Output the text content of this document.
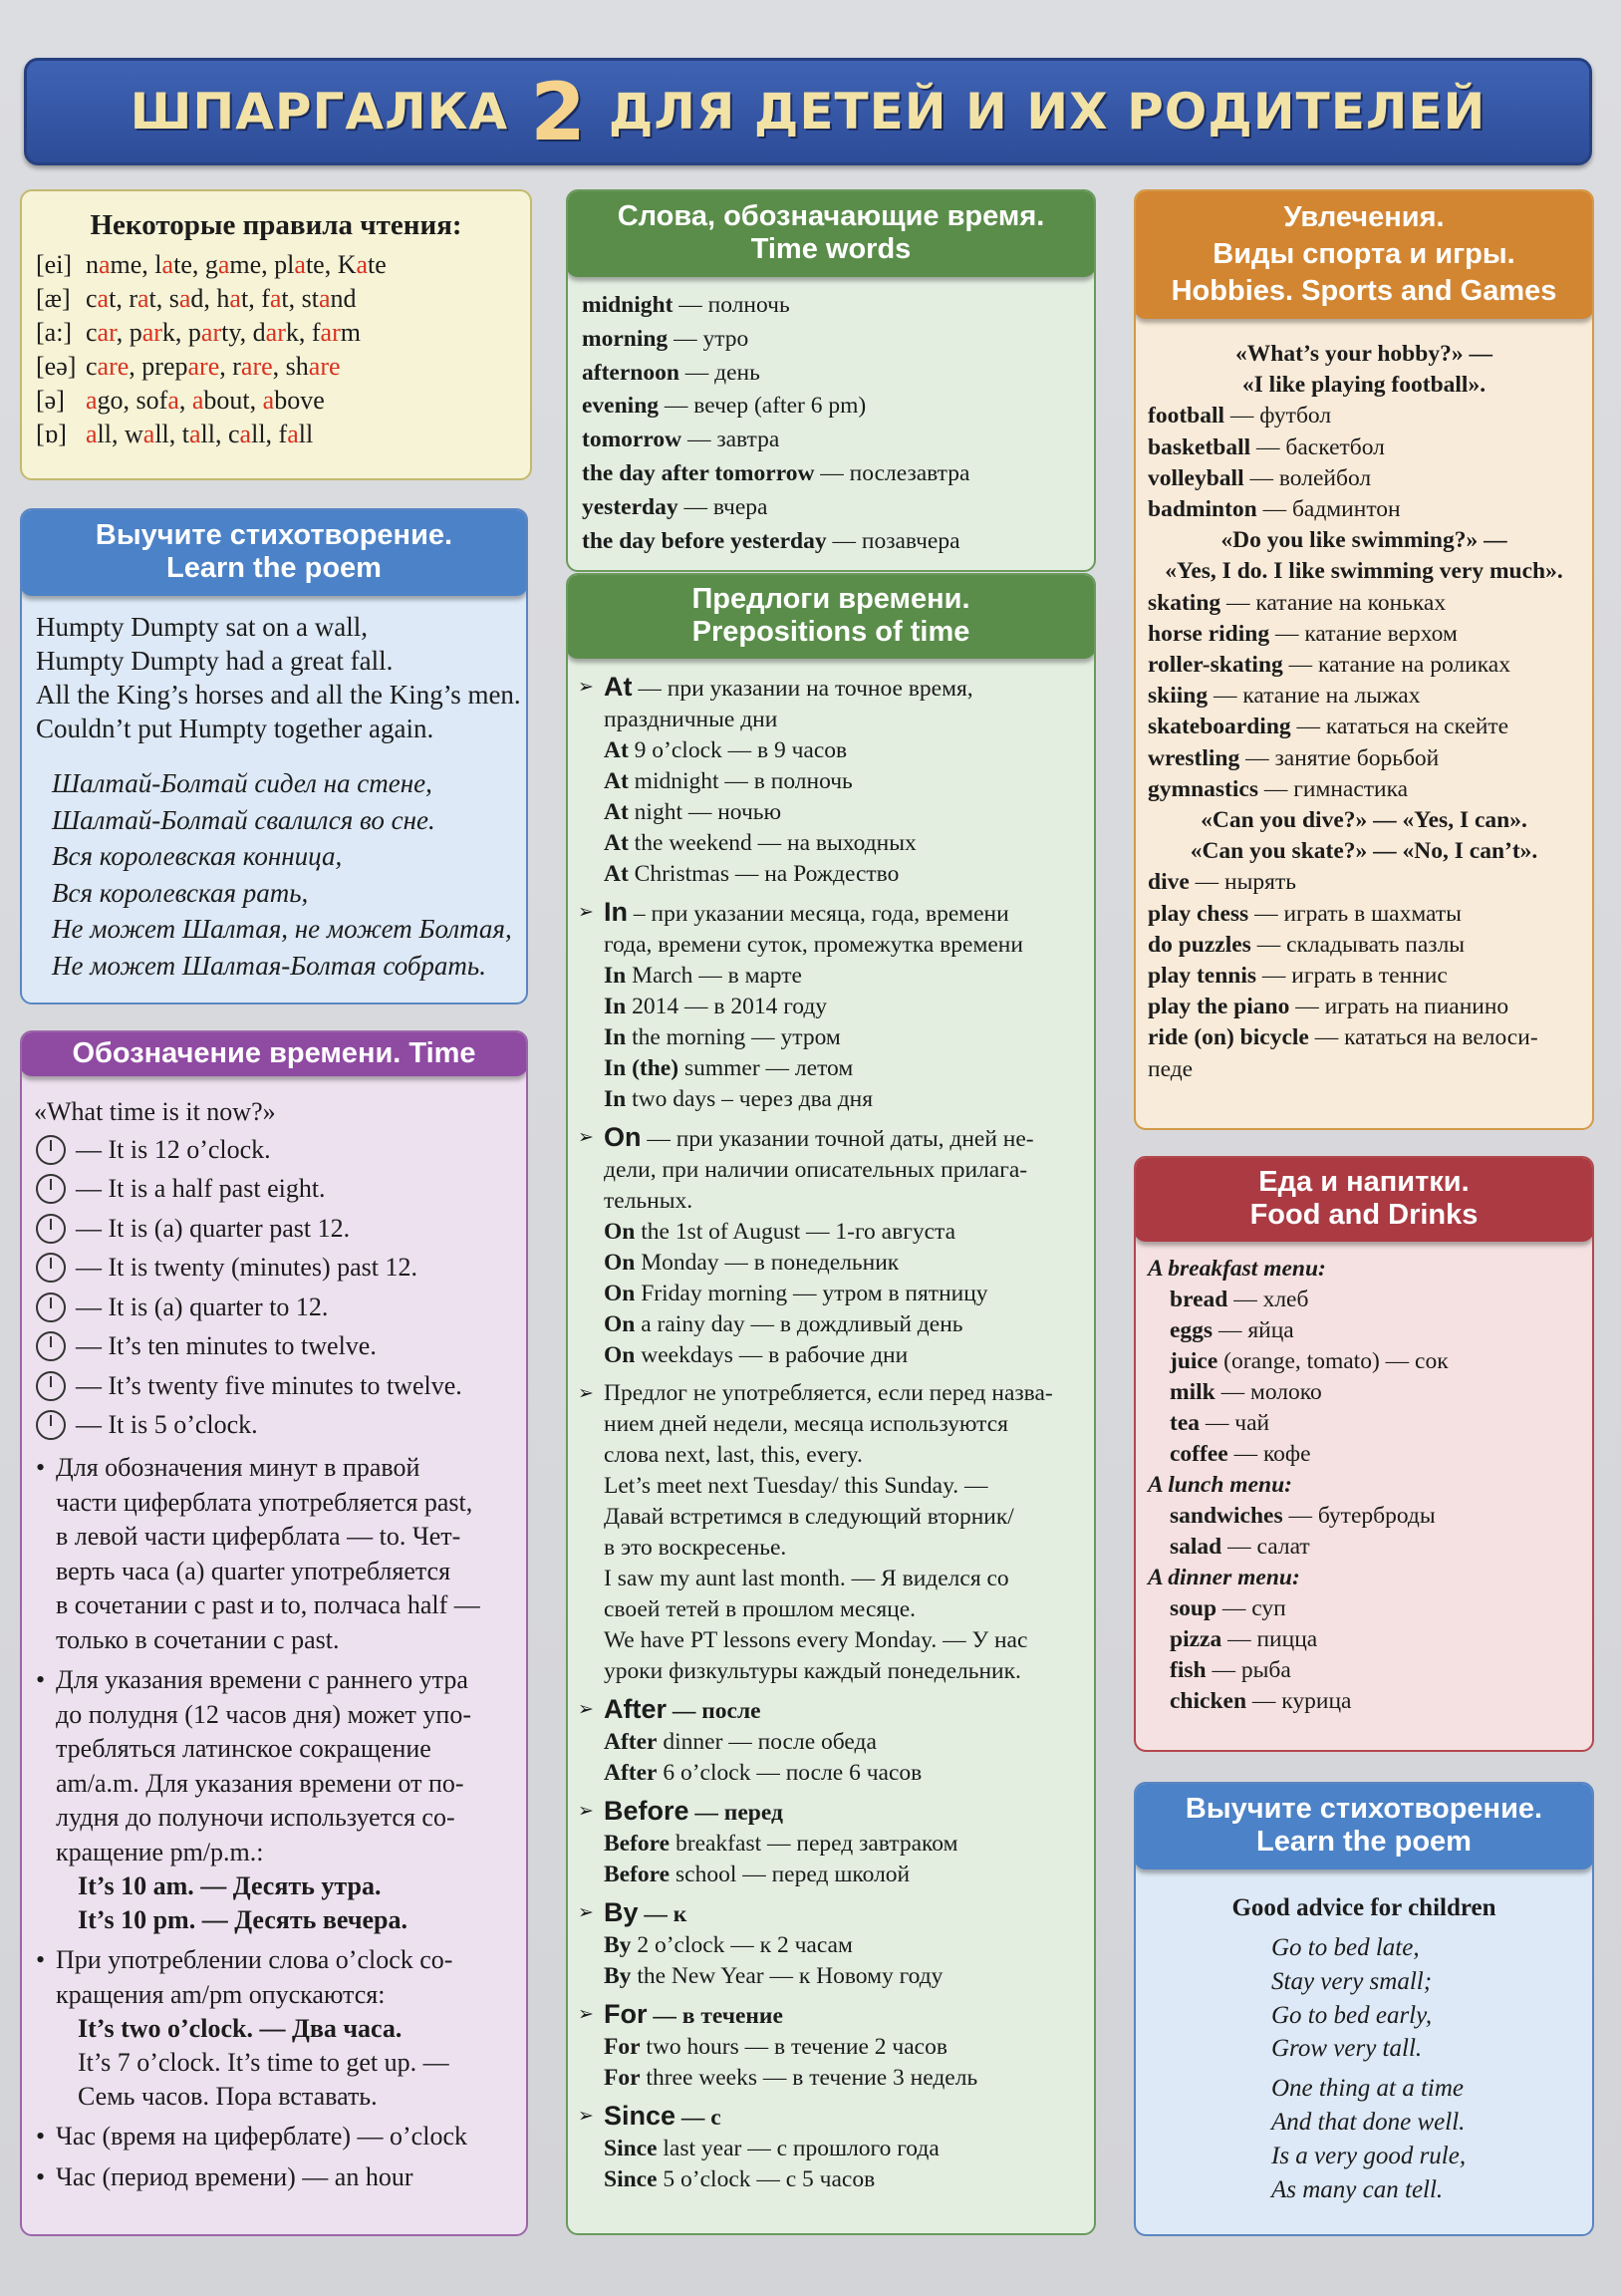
ШПАРГАЛКА 2 ДЛЯ ДЕТЕЙ И ИХ РОДИТЕЛЕЙ
Некоторые правила чтения:
[ei] name, late, game, plate, Kate
[æ] cat, rat, sad, hat, fat, stand
[a:] car, park, party, dark, farm
[eə] care, prepare, rare, share
[ə] ago, sofa, about, above
[ɒ] all, wall, tall, call, fall
Выучите стихотворение.
Learn the poem
Humpty Dumpty sat on a wall,
Humpty Dumpty had a great fall.
All the King’s horses and all the King’s men.
Couldn’t put Humpty together again.
Шалтай-Болтай сидел на стене,
Шалтай-Болтай свалился во сне.
Вся королевская конница,
Вся королевская рать,
Не может Шалтая, не может Болтая,
Не может Шалтая-Болтая собрать.
Обозначение времени. Time
«What time is it now?»
— It is 12 o’clock.
— It is a half past eight.
— It is (a) quarter past 12.
— It is twenty (minutes) past 12.
— It is (a) quarter to 12.
— It’s ten minutes to twelve.
— It’s twenty five minutes to twelve.
— It is 5 o’clock.
• Для обозначения минут в правой
части циферблата употребляется past,
в левой части циферблата — to. Чет-
верть часа (a) quarter употребляется
в сочетании с past и to, полчаса half —
только в сочетании с past.
• Для указания времени с раннего утра
до полудня (12 часов дня) может упо-
требляться латинское сокращение
am/a.m. Для указания времени от по-
лудня до полуночи используется со-
кращение pm/p.m.:
It’s 10 am. — Десять утра.
It’s 10 pm. — Десять вечера.
• При употреблении слова o’clock со-
кращения am/pm опускаются:
It’s two o’clock. — Два часа.
It’s 7 o’clock. It’s time to get up. —
Семь часов. Пора вставать.
• Час (время на циферблате) — o’clock
• Час (период времени) — an hour
Слова, обозначающие время.
Time words
midnight — полночь
morning — утро
afternoon — день
evening — вечер (after 6 pm)
tomorrow — завтра
the day after tomorrow — послезавтра
yesterday — вчера
the day before yesterday — позавчера
Предлоги времени.
Prepositions of time
➢ At — при указании на точное время,
праздничные дни
At 9 o’clock — в 9 часов
At midnight — в полночь
At night — ночью
At the weekend — на выходных
At Christmas — на Рождество
➢ In – при указании месяца, года, времени
года, времени суток, промежутка времени
In March — в марте
In 2014 — в 2014 году
In the morning — утром
In (the) summer — летом
In two days – через два дня
➢ On — при указании точной даты, дней не-
дели, при наличии описательных прилага-
тельных.
On the 1st of August — 1-го августа
On Monday — в понедельник
On Friday morning — утром в пятницу
On a rainy day — в дождливый день
On weekdays — в рабочие дни
➢ Предлог не употребляется, если перед назва-
нием дней недели, месяца используются
слова next, last, this, every.
Let’s meet next Tuesday/ this Sunday. —
Давай встретимся в следующий вторник/
в это воскресенье.
I saw my aunt last month. — Я виделся со
своей тетей в прошлом месяце.
We have PT lessons every Monday. — У нас
уроки физкультуры каждый понедельник.
➢ After — после
After dinner — после обеда
After 6 o’clock — после 6 часов
➢ Before — перед
Before breakfast — перед завтраком
Before school — перед школой
➢ By — к
By 2 o’clock — к 2 часам
By the New Year — к Новому году
➢ For — в течение
For two hours — в течение 2 часов
For three weeks — в течение 3 недель
➢ Since — с
Since last year — с прошлого года
Since 5 o’clock — с 5 часов
Увлечения.
Виды спорта и игры.
Hobbies. Sports and Games
«What’s your hobby?» —
«I like playing football».
football — футбол
basketball — баскетбол
volleyball — волейбол
badminton — бадминтон
«Do you like swimming?» —
«Yes, I do. I like swimming very much».
skating — катание на коньках
horse riding — катание верхом
roller-skating — катание на роликах
skiing — катание на лыжах
skateboarding — кататься на скейте
wrestling — занятие борьбой
gymnastics — гимнастика
«Can you dive?» — «Yes, I can».
«Can you skate?» — «No, I can’t».
dive — нырять
play chess — играть в шахматы
do puzzles — складывать пазлы
play tennis — играть в теннис
play the piano — играть на пианино
ride (on) bicycle — кататься на велоси-
педе
Еда и напитки.
Food and Drinks
A breakfast menu:
bread — хлеб
eggs — яйца
juice (orange, tomato) — сок
milk — молоко
tea — чай
coffee — кофе
A lunch menu:
sandwiches — бутерброды
salad — салат
A dinner menu:
soup — суп
pizza — пицца
fish — рыба
chicken — курица
Выучите стихотворение.
Learn the poem
Good advice for children
Go to bed late,
Stay very small;
Go to bed early,
Grow very tall.
One thing at a time
And that done well.
Is a very good rule,
As many can tell.
